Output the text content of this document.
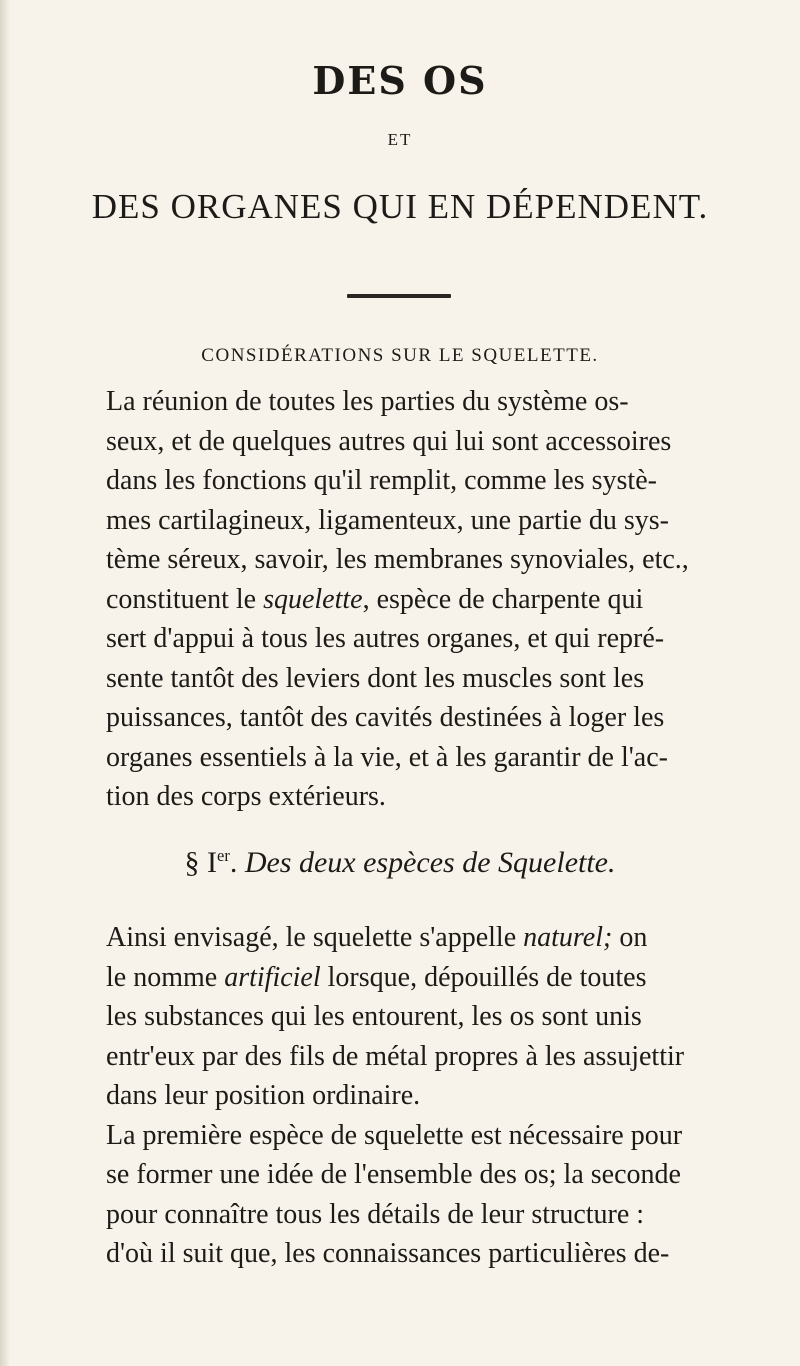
DES OS
ET
DES ORGANES QUI EN DÉPENDENT.
CONSIDÉRATIONS SUR LE SQUELETTE.
La réunion de toutes les parties du système os-
seux, et de quelques autres qui lui sont accessoires
dans les fonctions qu'il remplit, comme les systè-
mes cartilagineux, ligamenteux, une partie du sys-
tème séreux, savoir, les membranes synoviales, etc.,
constituent le squelette, espèce de charpente qui
sert d'appui à tous les autres organes, et qui repré-
sente tantôt des leviers dont les muscles sont les
puissances, tantôt des cavités destinées à loger les
organes essentiels à la vie, et à les garantir de l'ac-
tion des corps extérieurs.
§ Ier. Des deux espèces de Squelette.
Ainsi envisagé, le squelette s'appelle naturel; on
le nomme artificiel lorsque, dépouillés de toutes
les substances qui les entourent, les os sont unis
entr'eux par des fils de métal propres à les assujettir
dans leur position ordinaire.
La première espèce de squelette est nécessaire pour
se former une idée de l'ensemble des os; la seconde
pour connaître tous les détails de leur structure :
d'où il suit que, les connaissances particulières de-
